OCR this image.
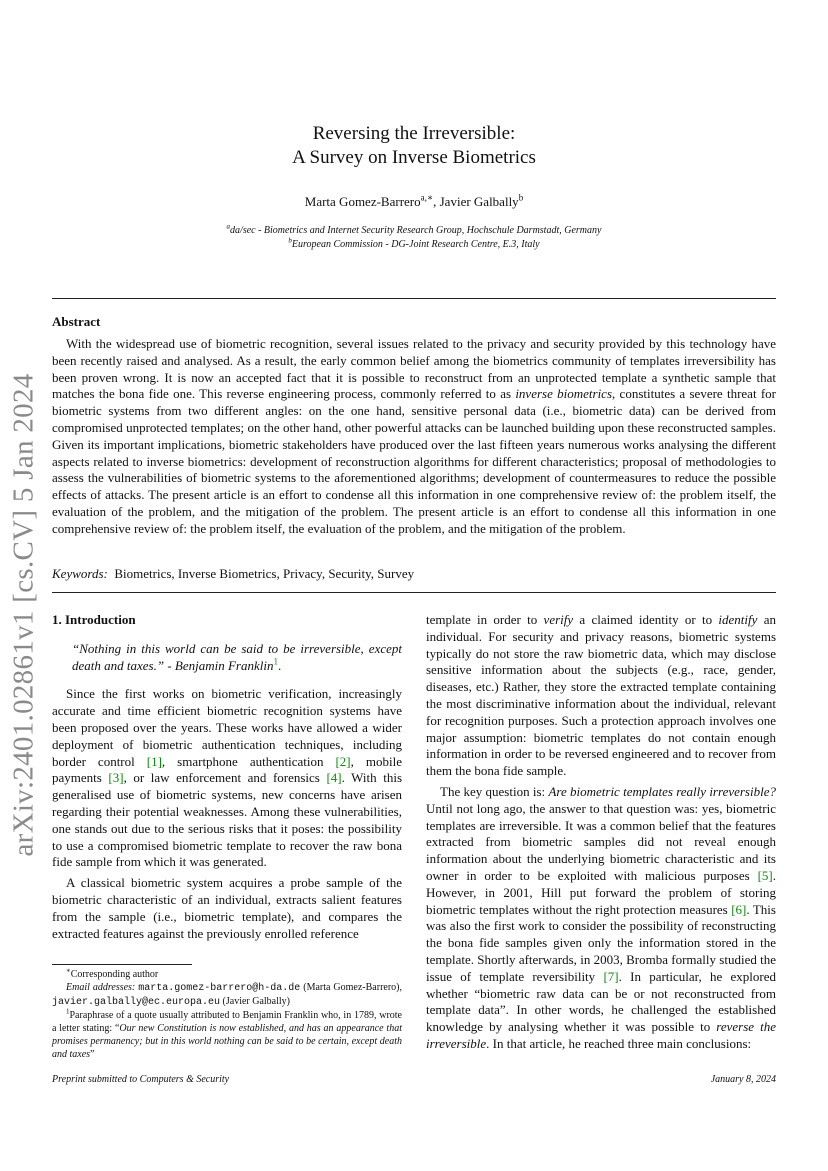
arXiv:2401.02861v1 [cs.CV] 5 Jan 2024
Reversing the Irreversible:
A Survey on Inverse Biometrics
Marta Gomez-Barrero$^{a,∗}$, Javier Galbally$^b$
$^a$da/sec - Biometrics and Internet Security Research Group, Hochschule Darmstadt, Germany
$^b$European Commission - DG-Joint Research Centre, E.3, Italy
Abstract

With the widespread use of biometric recognition, several issues related to the privacy and security provided by this technology have been recently raised and analysed. As a result, the early common belief among the biometrics community of templates irreversibility has been proven wrong. It is now an accepted fact that it is possible to reconstruct from an unprotected template a synthetic sample that matches the bona fide one. This reverse engineering process, commonly referred to as inverse biometrics, constitutes a severe threat for biometric systems from two different angles: on the one hand, sensitive personal data (i.e., biometric data) can be derived from compromised unprotected templates; on the other hand, other powerful attacks can be launched building upon these reconstructed samples. Given its important implications, biometric stakeholders have produced over the last fifteen years numerous works analysing the different aspects related to inverse biometrics: development of reconstruction algorithms for different characteristics; proposal of methodologies to assess the vulnerabilities of biometric systems to the aforementioned algorithms; development of countermeasures to reduce the possible effects of attacks. The present article is an effort to condense all this information in one comprehensive review of: the problem itself, the evaluation of the problem, and the mitigation of the problem. The present article is an effort to condense all this information in one comprehensive review of: the problem itself, the evaluation of the problem, and the mitigation of the problem.

Keywords: Biometrics, Inverse Biometrics, Privacy, Security, Survey
1. Introduction
“Nothing in this world can be said to be irreversible, except death and taxes.” - Benjamin Franklin$^1$.

Since the first works on biometric verification, increasingly accurate and time efficient biometric recognition systems have been proposed over the years. These works have allowed a wider deployment of biometric authentication techniques, including border control [1], smartphone authentication [2], mobile payments [3], or law enforcement and forensics [4]. With this generalised use of biometric systems, new concerns have arisen regarding their potential weaknesses. Among these vulnerabilities, one stands out due to the serious risks that it poses: the possibility to use a compromised biometric template to recover the raw bona fide sample from which it was generated.

A classical biometric system acquires a probe sample of the biometric characteristic of an individual, extracts salient features from the sample (i.e., biometric template), and compares the extracted features against the previously enrolled reference

∗Corresponding author

Email addresses: marta.gomez-barrero@h-da.de (Marta Gomez-Barrero), javier.galbally@ec.europa.eu (Javier Galbally)

$^1$Paraphrase of a quote usually attributed to Benjamin Franklin who, in 1789, wrote a letter stating: “Our new Constitution is now established, and has an appearance that promises permanency; but in this world nothing can be said to be certain, except death and taxes”

template in order to verify a claimed identity or to identify an individual. For security and privacy reasons, biometric systems typically do not store the raw biometric data, which may disclose sensitive information about the subjects (e.g., race, gender, diseases, etc.) Rather, they store the extracted template containing the most discriminative information about the individual, relevant for recognition purposes. Such a protection approach involves one major assumption: biometric templates do not contain enough information in order to be reversed engineered and to recover from them the bona fide sample.

The key question is: Are biometric templates really irreversible? Until not long ago, the answer to that question was: yes, biometric templates are irreversible. It was a common belief that the features extracted from biometric samples did not reveal enough information about the underlying biometric characteristic and its owner in order to be exploited with malicious purposes [5]. However, in 2001, Hill put forward the problem of storing biometric templates without the right protection measures [6]. This was also the first work to consider the possibility of reconstructing the bona fide samples given only the information stored in the template. Shortly afterwards, in 2003, Bromba formally studied the issue of template reversibility [7]. In particular, he explored whether “biometric raw data can be or not reconstructed from template data”. In other words, he challenged the established knowledge by analysing whether it was possible to reverse the irreversible. In that article, he reached three main conclusions:

Preprint submitted to Computers & Security	January 8, 2024
